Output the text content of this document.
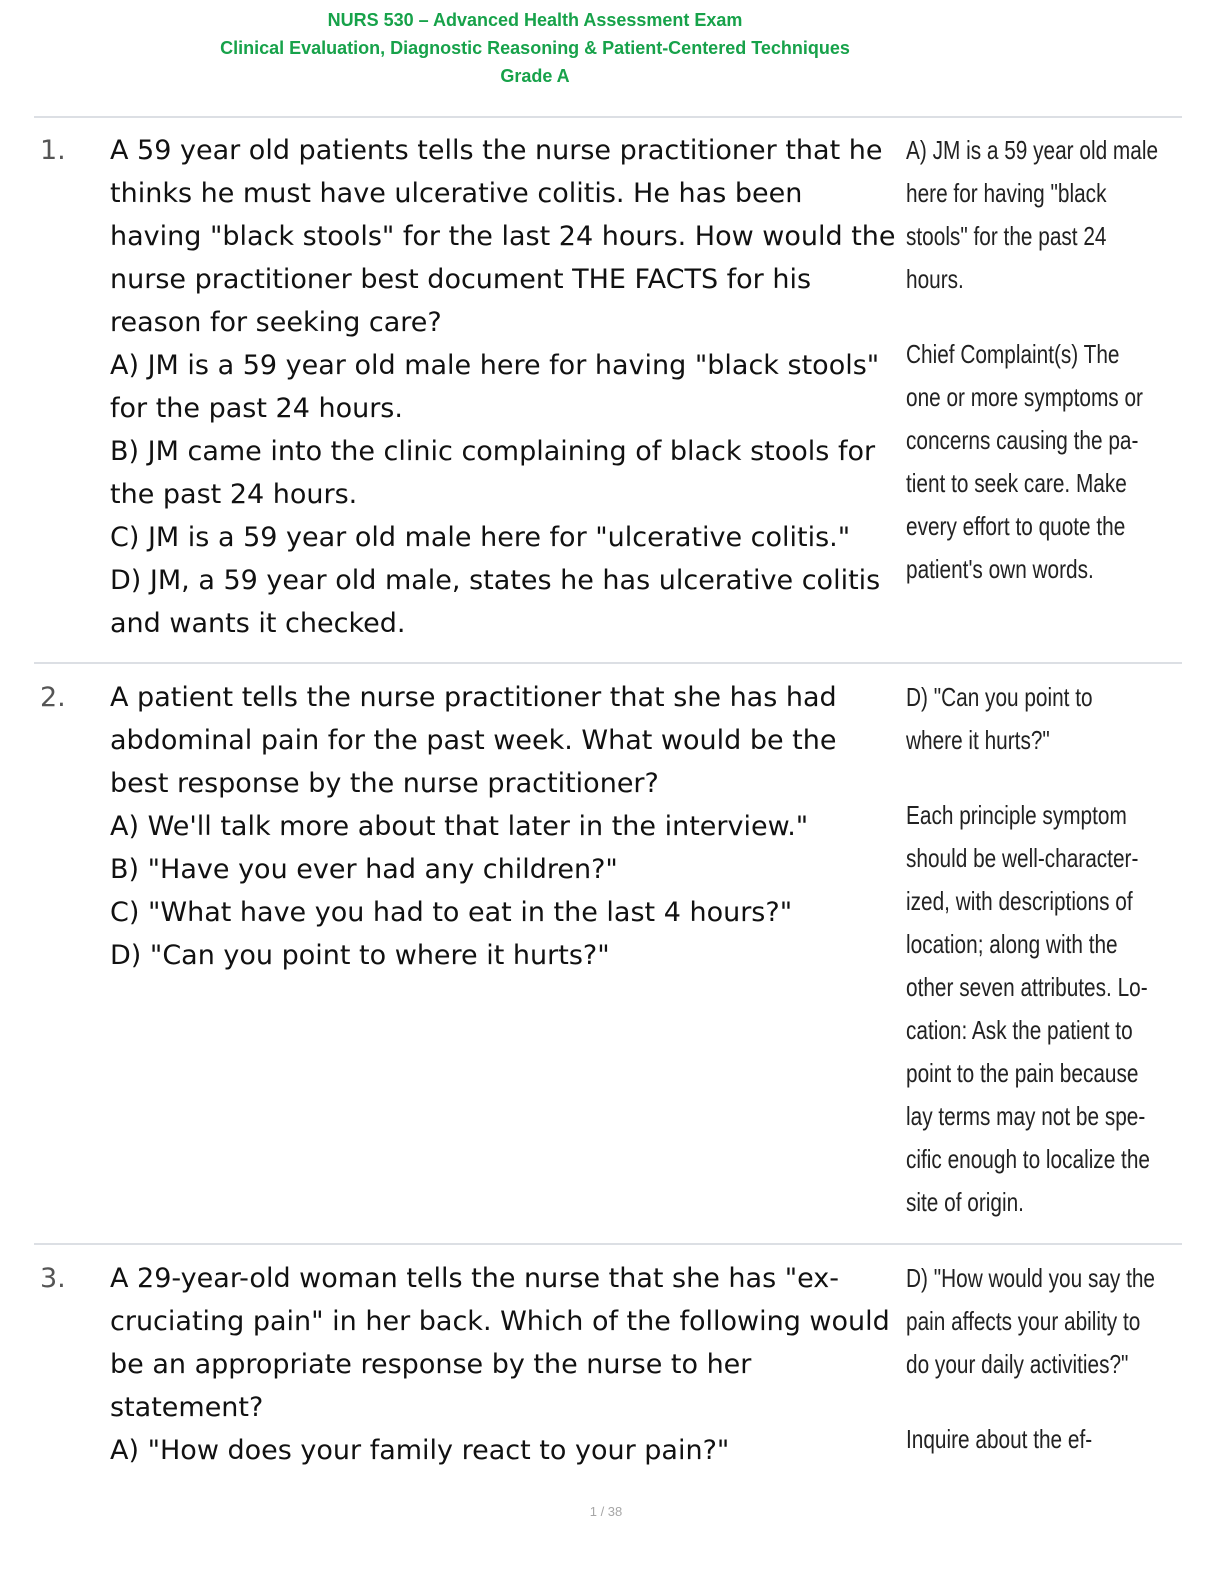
NURS 530 – Advanced Health Assessment Exam
Clinical Evaluation, Diagnostic Reasoning & Patient-Centered Techniques
Grade A
1. A 59 year old patients tells the nurse practitioner that he thinks he must have ulcerative colitis. He has been having "black stools" for the last 24 hours. How would the nurse practitioner best document THE FACTS for his reason for seeking care?
A) JM is a 59 year old male here for having "black stools" for the past 24 hours.
B) JM came into the clinic complaining of black stools for the past 24 hours.
C) JM is a 59 year old male here for "ulcerative colitis."
D) JM, a 59 year old male, states he has ulcerative colitis and wants it checked.
A) JM is a 59 year old male
here for having "black
stools" for the past 24
hours.
Chief Complaint(s) The
one or more symptoms or
concerns causing the pa-
tient to seek care. Make
every effort to quote the
patient's own words.
2. A patient tells the nurse practitioner that she has had abdominal pain for the past week. What would be the best response by the nurse practitioner?
A) We'll talk more about that later in the interview."
B) "Have you ever had any children?"
C) "What have you had to eat in the last 4 hours?"
D) "Can you point to where it hurts?"
D) "Can you point to
where it hurts?"
Each principle symptom
should be well-character-
ized, with descriptions of
location; along with the
other seven attributes. Lo-
cation: Ask the patient to
point to the pain because
lay terms may not be spe-
cific enough to localize the
site of origin.
3. A 29-year-old woman tells the nurse that she has "ex-cruciating pain" in her back. Which of the following would be an appropriate response by the nurse to her statement?
A) "How does your family react to your pain?"
D) "How would you say the
pain affects your ability to
do your daily activities?"
Inquire about the ef-
1 / 38
